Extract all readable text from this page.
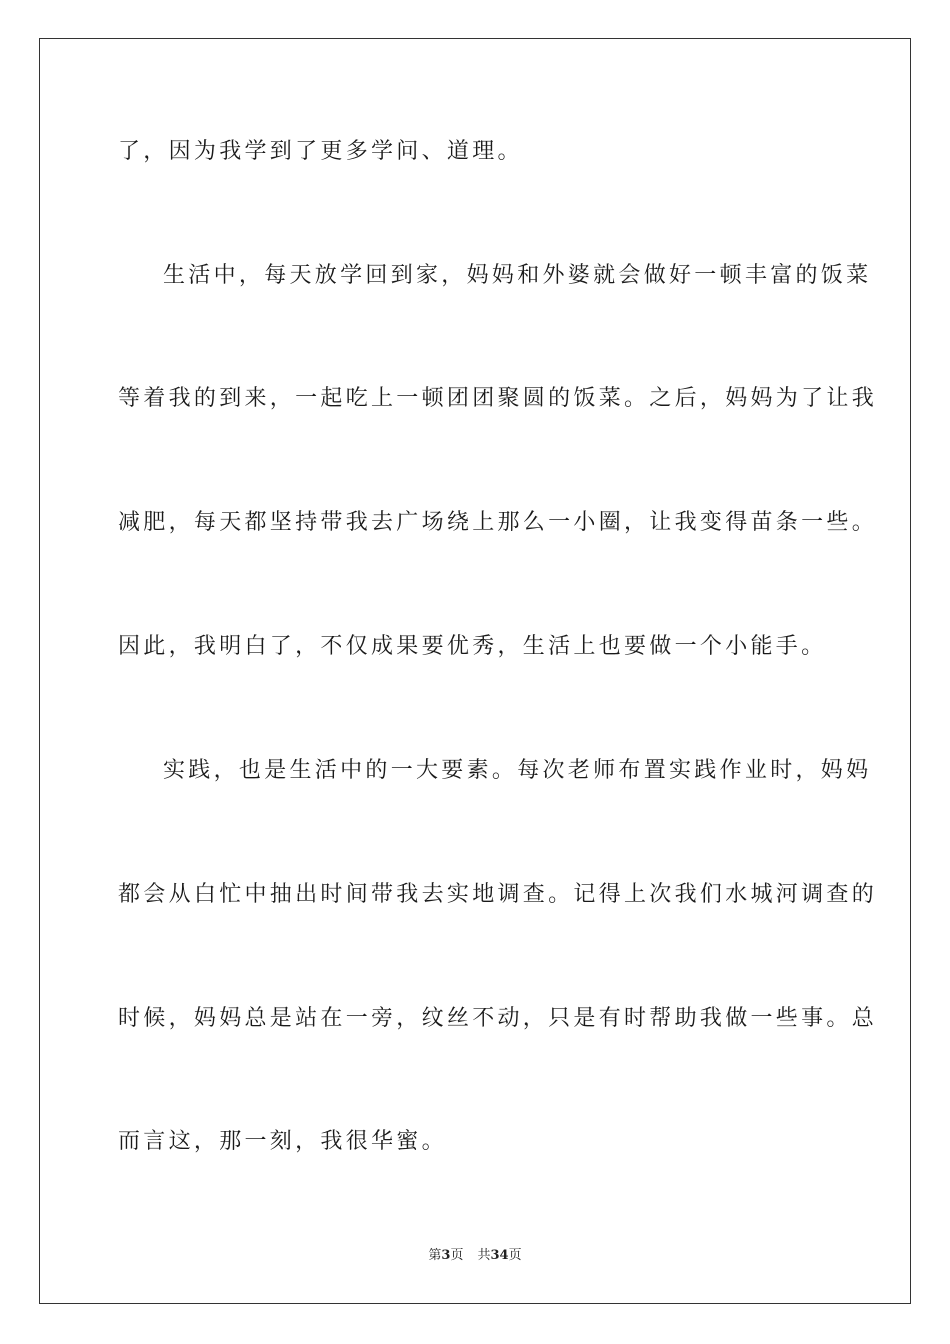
了，因为我学到了更多学问、道理。
生活中，每天放学回到家，妈妈和外婆就会做好一顿丰富的饭菜
等着我的到来，一起吃上一顿团团聚圆的饭菜。之后，妈妈为了让我
减肥，每天都坚持带我去广场绕上那么一小圈，让我变得苗条一些。
因此，我明白了，不仅成果要优秀，生活上也要做一个小能手。
实践，也是生活中的一大要素。每次老师布置实践作业时，妈妈
都会从白忙中抽出时间带我去实地调查。记得上次我们水城河调查的
时候，妈妈总是站在一旁，纹丝不动，只是有时帮助我做一些事。总
而言这，那一刻，我很华蜜。
第3页 共34页
